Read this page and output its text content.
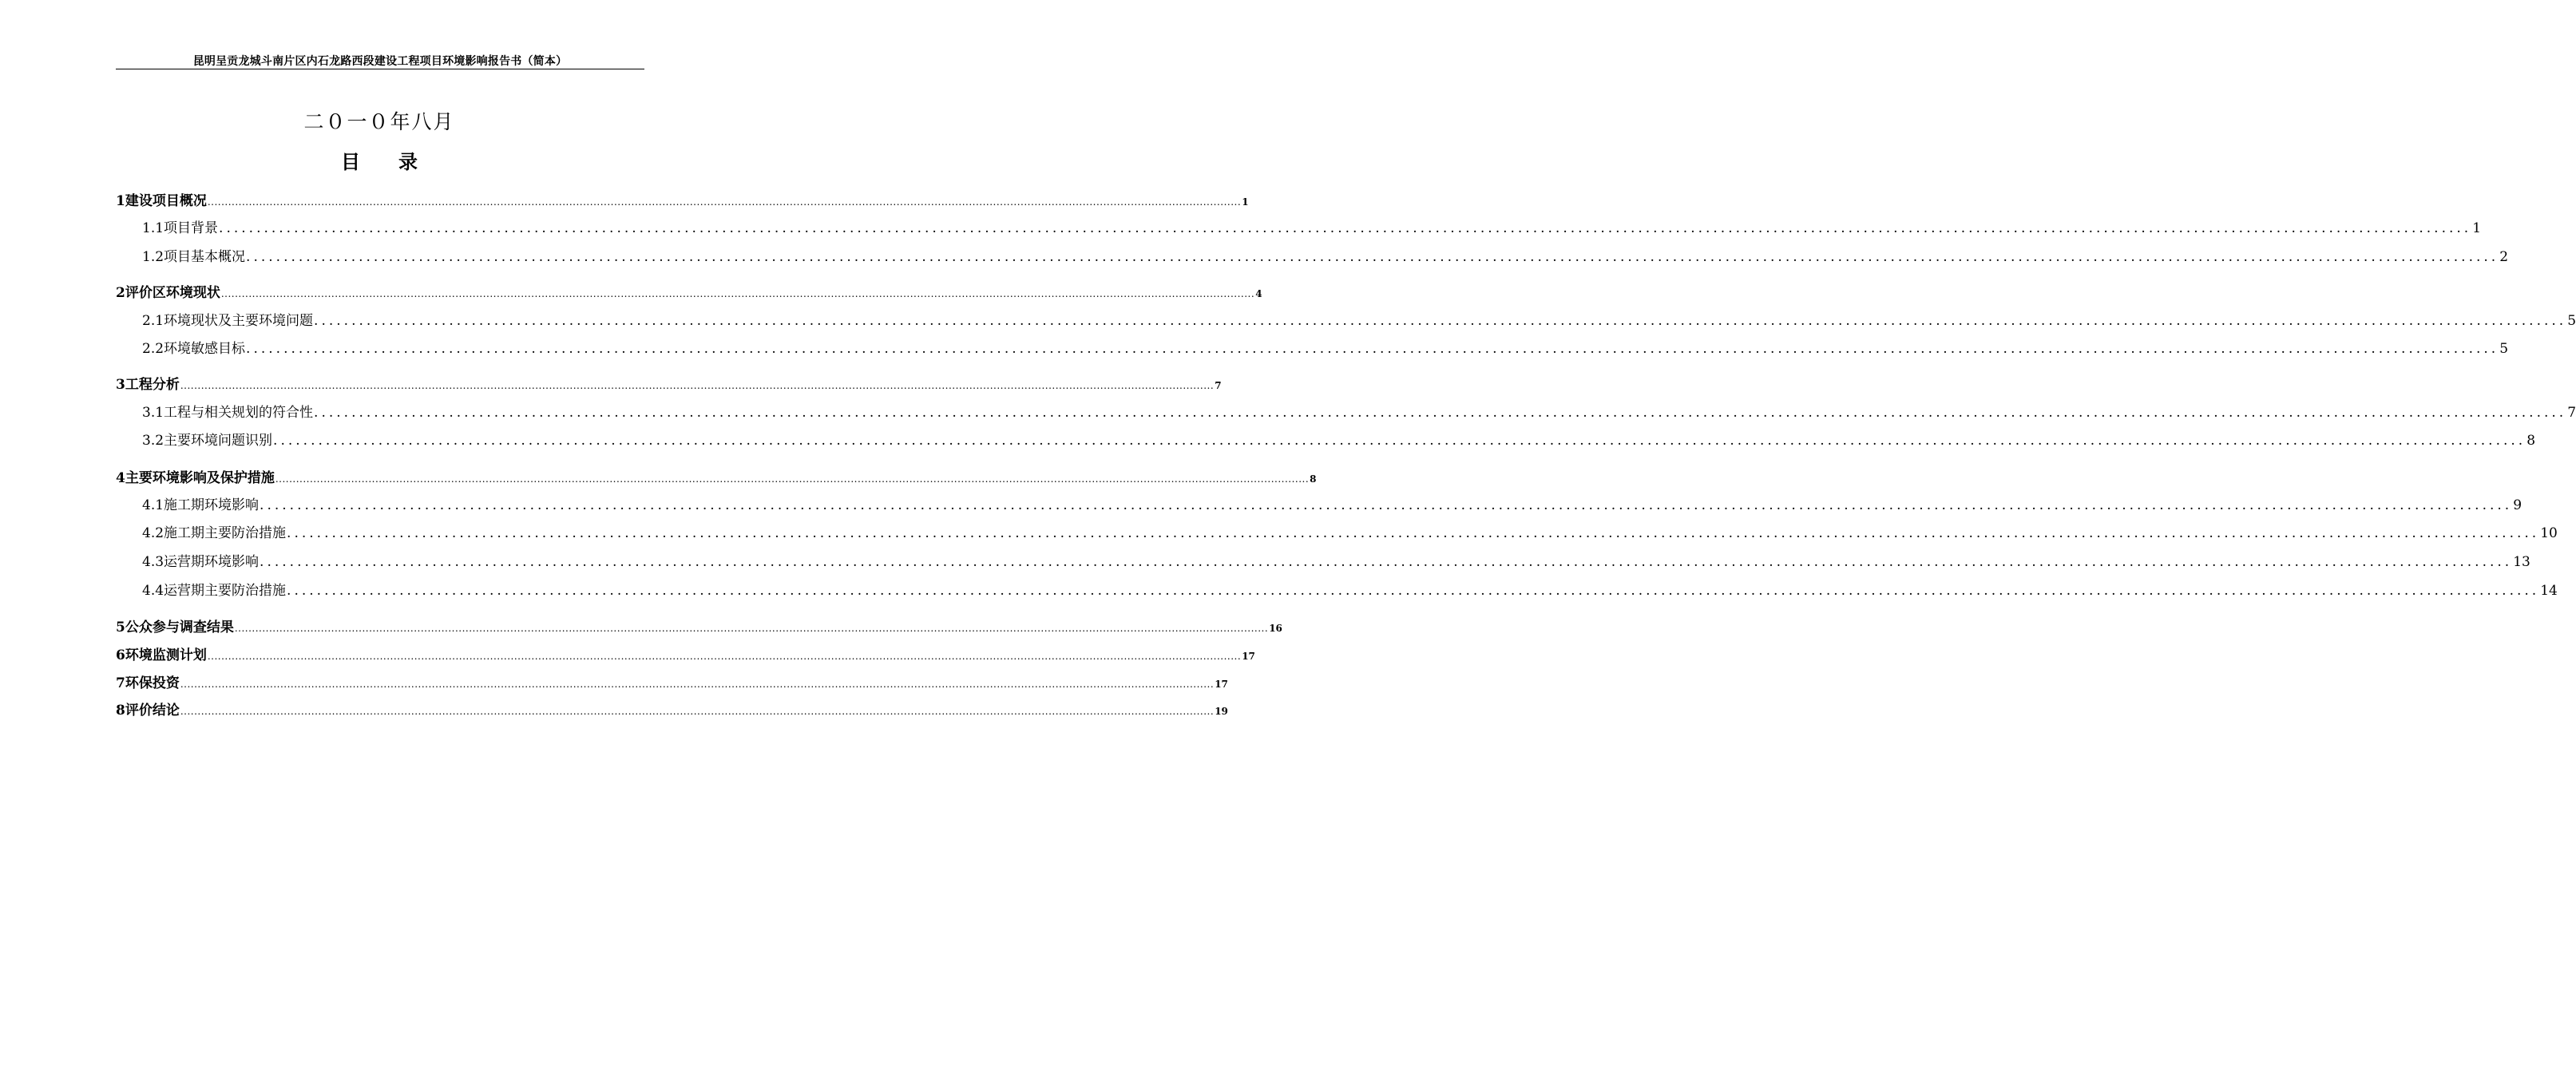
昆明呈贡龙城斗南片区内石龙路西段建设工程项目环境影响报告书（简本）
二０一０年八月
目　　录
1建设项目概况 ............................................................................................................................................................................................................................................................................................................ 1
1.1项目背景 ............................................................................................................................................................................................................................................................................................................ 1
1.2项目基本概况 ............................................................................................................................................................................................................................................................................................................ 2
2评价区环境现状 ............................................................................................................................................................................................................................................................................................................ 4
2.1环境现状及主要环境问题 ............................................................................................................................................................................................................................................................................................................ 5
2.2环境敏感目标 ............................................................................................................................................................................................................................................................................................................ 5
3工程分析 ............................................................................................................................................................................................................................................................................................................ 7
3.1工程与相关规划的符合性 ............................................................................................................................................................................................................................................................................................................ 7
3.2主要环境问题识别 ............................................................................................................................................................................................................................................................................................................ 8
4主要环境影响及保护措施 ............................................................................................................................................................................................................................................................................................................ 8
4.1施工期环境影响 ............................................................................................................................................................................................................................................................................................................ 9
4.2施工期主要防治措施 ............................................................................................................................................................................................................................................................................................................ 10
4.3运营期环境影响 ............................................................................................................................................................................................................................................................................................................ 13
4.4运营期主要防治措施 ............................................................................................................................................................................................................................................................................................................ 14
5公众参与调查结果 ............................................................................................................................................................................................................................................................................................................ 16
6环境监测计划 ............................................................................................................................................................................................................................................................................................................ 17
7环保投资 ............................................................................................................................................................................................................................................................................................................ 17
8评价结论 ............................................................................................................................................................................................................................................................................................................ 19
